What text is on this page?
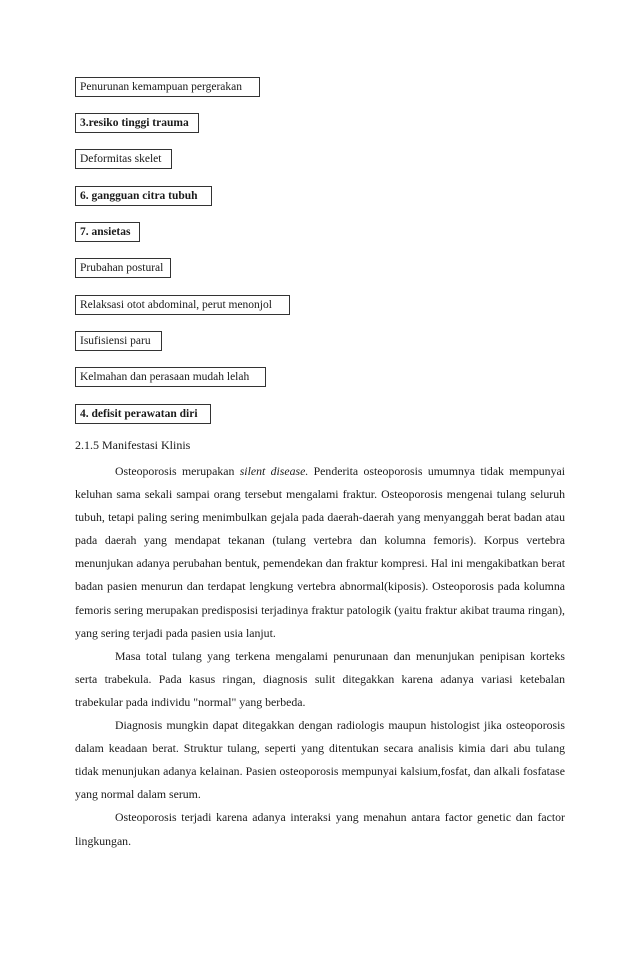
Penurunan kemampuan pergerakan
3.resiko tinggi trauma
Deformitas skelet
6. gangguan citra tubuh
7. ansietas
Prubahan postural
Relaksasi otot abdominal, perut menonjol
Isufisiensi paru
Kelmahan dan perasaan mudah lelah
4. defisit perawatan diri
2.1.5 Manifestasi Klinis

Osteoporosis merupakan silent disease. Penderita osteoporosis umumnya tidak mempunyai keluhan sama sekali sampai orang tersebut mengalami fraktur. Osteoporosis mengenai tulang seluruh tubuh, tetapi paling sering menimbulkan gejala pada daerah-daerah yang menyanggah berat badan atau pada daerah yang mendapat tekanan (tulang vertebra dan kolumna femoris). Korpus vertebra menunjukan adanya perubahan bentuk, pemendekan dan fraktur kompresi. Hal ini mengakibatkan berat badan pasien menurun dan terdapat lengkung vertebra abnormal(kiposis). Osteoporosis pada kolumna femoris sering merupakan predisposisi terjadinya fraktur patologik (yaitu fraktur akibat trauma ringan), yang sering terjadi pada pasien usia lanjut.

Masa total tulang yang terkena mengalami penurunaan dan menunjukan penipisan korteks serta trabekula. Pada kasus ringan, diagnosis sulit ditegakkan karena adanya variasi ketebalan trabekular pada individu "normal" yang berbeda.

Diagnosis mungkin dapat ditegakkan dengan radiologis maupun histologist jika osteoporosis dalam keadaan berat. Struktur tulang, seperti yang ditentukan secara analisis kimia dari abu tulang tidak menunjukan adanya kelainan. Pasien osteoporosis mempunyai kalsium,fosfat, dan alkali fosfatase yang normal dalam serum.

Osteoporosis terjadi karena adanya interaksi yang menahun antara factor genetic dan factor lingkungan.
